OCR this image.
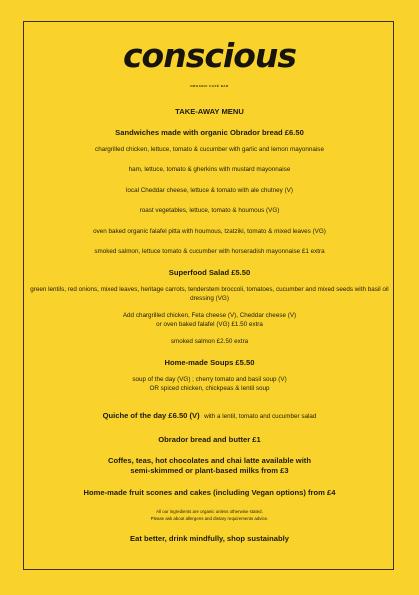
conscious
ORGANIC CAFÉ BAR
TAKE-AWAY MENU
Sandwiches made with organic Obrador bread £6.50
chargrilled chicken, lettuce, tomato & cucumber with garlic and lemon mayonnaise
ham, lettuce, tomato & gherkins with mustard mayonnaise
local Cheddar cheese, lettuce & tomato with ale chutney (V)
roast vegetables, lettuce, tomato & houmous (VG)
oven baked organic falafel pitta with houmous, tzatziki, tomato & mixed leaves (VG)
smoked salmon, lettuce tomato & cucumber with horseradish mayonnaise £1 extra
Superfood Salad £5.50
green lentils, red onions, mixed leaves, heritage carrots, tenderstem broccoli, tomatoes, cucumber and mixed seeds with basil oil dressing (VG)
Add chargrilled chicken, Feta cheese (V), Cheddar cheese (V)
or oven baked falafel (VG) £1.50 extra
smoked salmon £2.50 extra
Home-made Soups £5.50
soup of the day (VG) ; cherry tomato and basil soup (V)
OR spiced chicken, chickpeas & lentil soup
Quiche of the day £6.50 (V) with a lentil, tomato and cucumber salad
Obrador bread and butter £1
Coffes, teas, hot chocolates and chai latte available with
semi-skimmed or plant-based milks from £3
Home-made fruit scones and cakes (including Vegan options) from £4
All our ingredients are organic unless otherwise stated.
Please ask about allergens and dietary requirements advice.
Eat better, drink mindfully, shop sustainably
